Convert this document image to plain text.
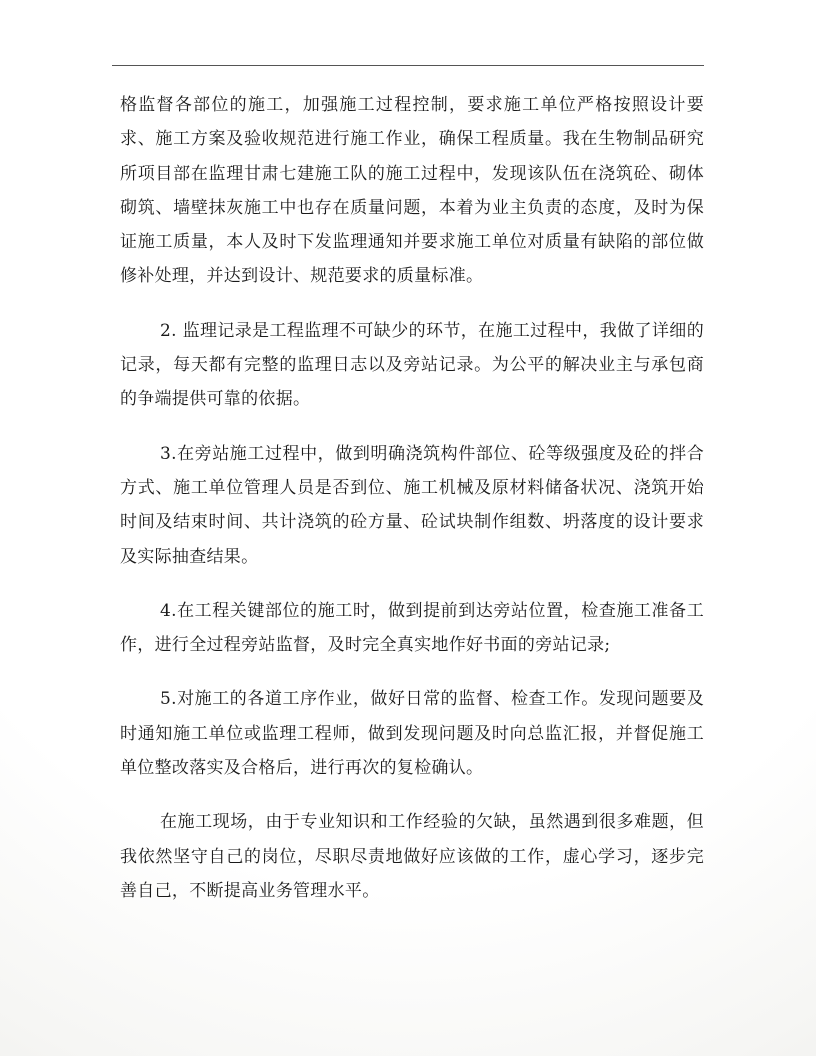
格监督各部位的施工，加强施工过程控制，要求施工单位严格按照设计要求、施工方案及验收规范进行施工作业，确保工程质量。我在生物制品研究所项目部在监理甘肃七建施工队的施工过程中，发现该队伍在浇筑砼、砌体砌筑、墙壁抹灰施工中也存在质量问题，本着为业主负责的态度，及时为保证施工质量，本人及时下发监理通知并要求施工单位对质量有缺陷的部位做修补处理，并达到设计、规范要求的质量标准。

2. 监理记录是工程监理不可缺少的环节，在施工过程中，我做了详细的记录，每天都有完整的监理日志以及旁站记录。为公平的解决业主与承包商的争端提供可靠的依据。

3.在旁站施工过程中，做到明确浇筑构件部位、砼等级强度及砼的拌合方式、施工单位管理人员是否到位、施工机械及原材料储备状况、浇筑开始时间及结束时间、共计浇筑的砼方量、砼试块制作组数、坍落度的设计要求及实际抽查结果。

4.在工程关键部位的施工时，做到提前到达旁站位置，检查施工准备工作，进行全过程旁站监督，及时完全真实地作好书面的旁站记录;

5.对施工的各道工序作业，做好日常的监督、检查工作。发现问题要及时通知施工单位或监理工程师，做到发现问题及时向总监汇报，并督促施工单位整改落实及合格后，进行再次的复检确认。

在施工现场，由于专业知识和工作经验的欠缺，虽然遇到很多难题，但我依然坚守自己的岗位，尽职尽责地做好应该做的工作，虚心学习，逐步完善自己，不断提高业务管理水平。
